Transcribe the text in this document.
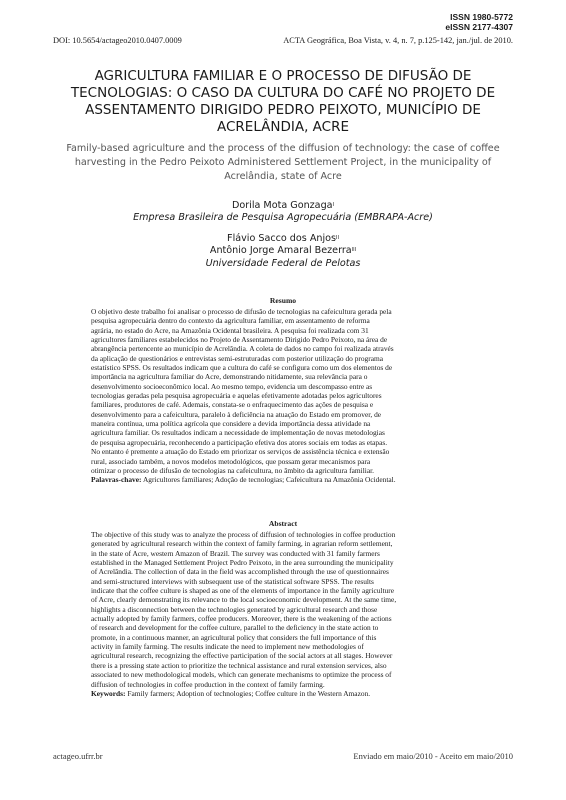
ISSN 1980-5772
eISSN 2177-4307
DOI: 10.5654/actageo2010.0407.0009	ACTA Geográfica, Boa Vista, v. 4, n. 7, p.125-142, jan./jul. de 2010.
AGRICULTURA FAMILIAR E O PROCESSO DE DIFUSÃO DE
TECNOLOGIAS: O CASO DA CULTURA DO CAFÉ NO PROJETO DE
ASSENTAMENTO DIRIGIDO PEDRO PEIXOTO, MUNICÍPIO DE
ACRELÂNDIA, ACRE
Family-based agriculture and the process of the diffusion of technology: the case of coffee
harvesting in the Pedro Peixoto Administered Settlement Project, in the municipality of
Acrelândia, state of Acre
Dorila Mota Gonzaga$^I$
Empresa Brasileira de Pesquisa Agropecuária (EMBRAPA-Acre)
Flávio Sacco dos Anjos$^{II}$
Antônio Jorge Amaral Bezerra$^{III}$
Universidade Federal de Pelotas
Resumo
O objetivo deste trabalho foi analisar o processo de difusão de tecnologias na cafeicultura gerada pela
pesquisa agropecuária dentro do contexto da agricultura familiar, em assentamento de reforma
agrária, no estado do Acre, na Amazônia Ocidental brasileira. A pesquisa foi realizada com 31
agricultores familiares estabelecidos no Projeto de Assentamento Dirigido Pedro Peixoto, na área de
abrangência pertencente ao município de Acrelândia. A coleta de dados no campo foi realizada através
da aplicação de questionários e entrevistas semi-estruturadas com posterior utilização do programa
estatístico SPSS. Os resultados indicam que a cultura do café se configura como um dos elementos de
importância na agricultura familiar do Acre, demonstrando nitidamente, sua relevância para o
desenvolvimento socioeconômico local. Ao mesmo tempo, evidencia um descompasso entre as
tecnologias geradas pela pesquisa agropecuária e aquelas efetivamente adotadas pelos agricultores
familiares, produtores de café. Ademais, constata-se o enfraquecimento das ações de pesquisa e
desenvolvimento para a cafeicultura, paralelo à deficiência na atuação do Estado em promover, de
maneira contínua, uma política agrícola que considere a devida importância dessa atividade na
agricultura familiar. Os resultados indicam a necessidade de implementação de novas metodologias
de pesquisa agropecuária, reconhecendo a participação efetiva dos atores sociais em todas as etapas.
No entanto é premente a atuação do Estado em priorizar os serviços de assistência técnica e extensão
rural, associado também, a novos modelos metodológicos, que possam gerar mecanismos para
otimizar o processo de difusão de tecnologias na cafeicultura, no âmbito da agricultura familiar.
Palavras-chave: Agricultores familiares; Adoção de tecnologias; Cafeicultura na Amazônia Ocidental.
Abstract
The objective of this study was to analyze the process of diffusion of technologies in coffee production
generated by agricultural research within the context of family farming, in agrarian reform settlement,
in the state of Acre, western Amazon of Brazil. The survey was conducted with 31 family farmers
established in the Managed Settlement Project Pedro Peixoto, in the area surrounding the municipality
of Acrelândia. The collection of data in the field was accomplished through the use of questionnaires
and semi-structured interviews with subsequent use of the statistical software SPSS. The results
indicate that the coffee culture is shaped as one of the elements of importance in the family agriculture
of Acre, clearly demonstrating its relevance to the local socioeconomic development. At the same time,
highlights a disconnection between the technologies generated by agricultural research and those
actually adopted by family farmers, coffee producers. Moreover, there is the weakening of the actions
of research and development for the coffee culture, parallel to the deficiency in the state action to
promote, in a continuous manner, an agricultural policy that considers the full importance of this
activity in family farming. The results indicate the need to implement new methodologies of
agricultural research, recognizing the effective participation of the social actors at all stages. However
there is a pressing state action to prioritize the technical assistance and rural extension services, also
associated to new methodological models, which can generate mechanisms to optimize the process of
diffusion of technologies in coffee production in the context of family farming.
Keywords: Family farmers; Adoption of technologies; Coffee culture in the Western Amazon.
actageo.ufrr.br	Enviado em maio/2010 - Aceito em maio/2010
